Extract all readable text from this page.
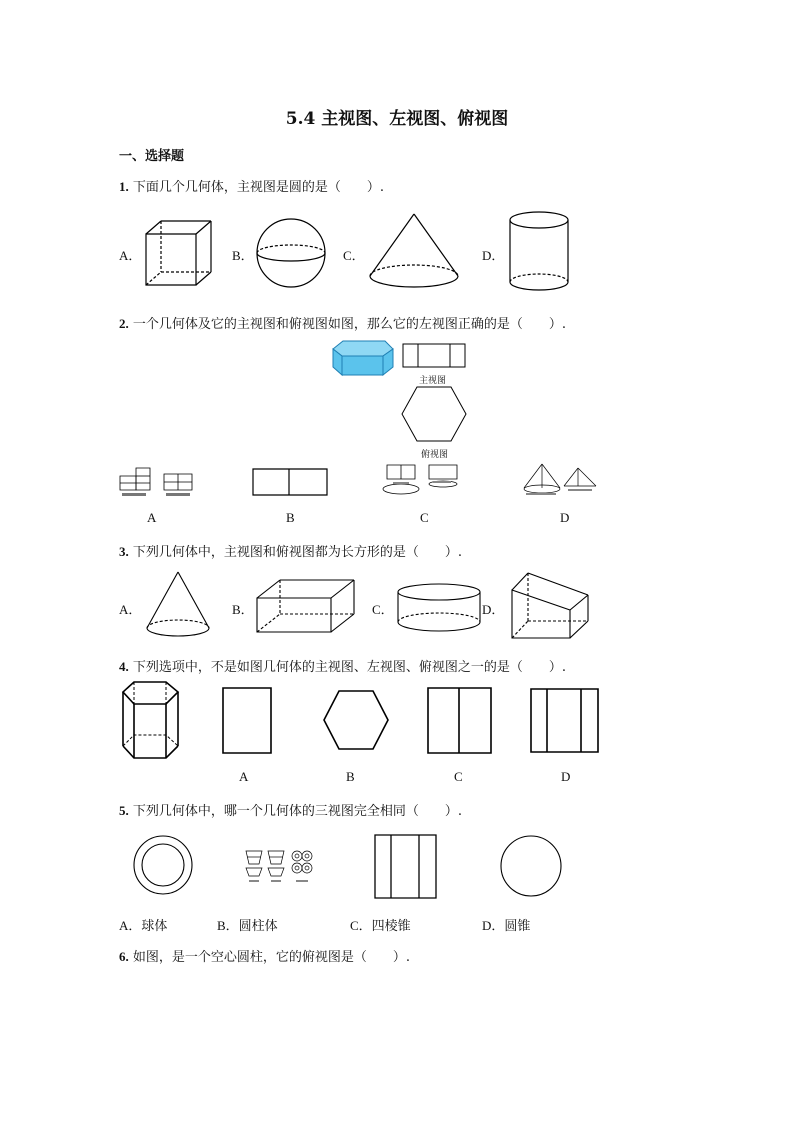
5.4 主视图、左视图、俯视图
一、选择题
1. 下面几个几何体，主视图是圆的是（　　）.
A．	B．	C．	D．
2. 一个几何体及它的主视图和俯视图如图，那么它的左视图正确的是（　　）.
主视图
俯视图
A	B	C	D
3. 下列几何体中，主视图和俯视图都为长方形的是（　　）.
A．	B．	C．	D．
4. 下列选项中，不是如图几何体的主视图、左视图、俯视图之一的是（　　）.
A	B	C	D
5. 下列几何体中，哪一个几何体的三视图完全相同（　　）.
A．球体	B．圆柱体	C．四棱锥	D．圆锥
6. 如图，是一个空心圆柱，它的俯视图是（　　）.
